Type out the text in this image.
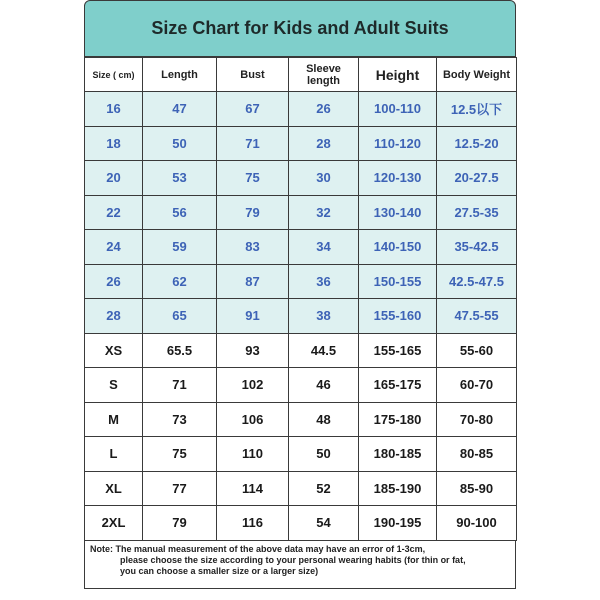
Size Chart for Kids and Adult Suits
Size ( cm)	Length	Bust	Sleeve length	Height	Body Weight
16	47	67	26	100-110	12.5以下
18	50	71	28	110-120	12.5-20
20	53	75	30	120-130	20-27.5
22	56	79	32	130-140	27.5-35
24	59	83	34	140-150	35-42.5
26	62	87	36	150-155	42.5-47.5
28	65	91	38	155-160	47.5-55
XS	65.5	93	44.5	155-165	55-60
S	71	102	46	165-175	60-70
M	73	106	48	175-180	70-80
L	75	110	50	180-185	80-85
XL	77	114	52	185-190	85-90
2XL	79	116	54	190-195	90-100
Note: The manual measurement of the above data may have an error of 1-3cm,
please choose the size according to your personal wearing habits (for thin or fat,
you can choose a smaller size or a larger size)
